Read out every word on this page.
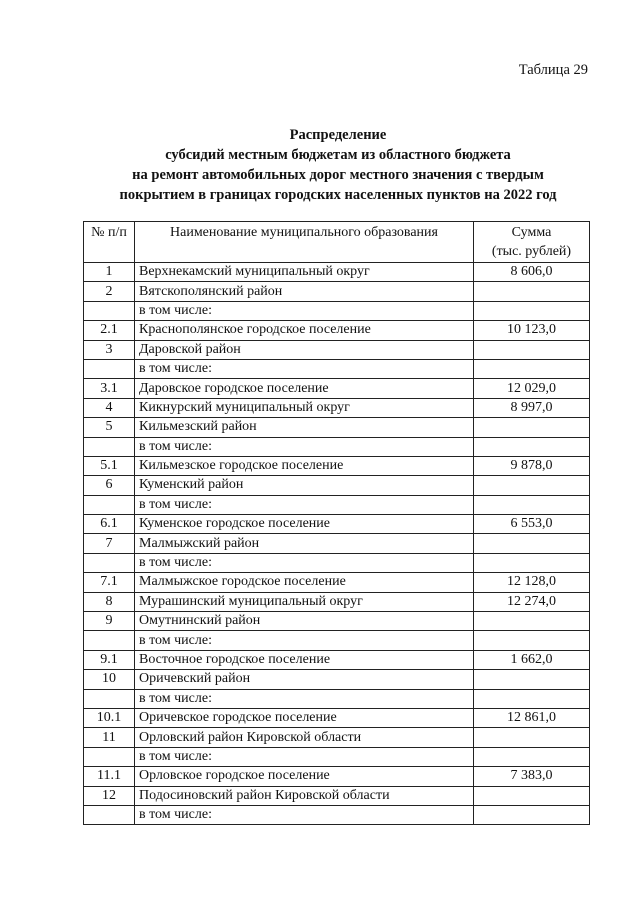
Таблица 29
Распределение
субсидий местным бюджетам из областного бюджета
на ремонт автомобильных дорог местного значения с твердым
покрытием в границах городских населенных пунктов на 2022 год
№ п/п	Наименование муниципального образования	Сумма
(тыс. рублей)

1	Верхнекамский муниципальный округ	8 606,0
2	Вятскополянский район	
	в том числе:	
2.1	Краснополянское городское поселение	10 123,0
3	Даровской район	
	в том числе:	
3.1	Даровское городское поселение	12 029,0
4	Кикнурский муниципальный округ	8 997,0
5	Кильмезский район	
	в том числе:	
5.1	Кильмезское городское поселение	9 878,0
6	Куменский район	
	в том числе:	
6.1	Куменское городское поселение	6 553,0
7	Малмыжский район	
	в том числе:	
7.1	Малмыжское городское поселение	12 128,0
8	Мурашинский муниципальный округ	12 274,0
9	Омутнинский район	
	в том числе:	
9.1	Восточное городское поселение	1 662,0
10	Оричевский район	
	в том числе:	
10.1	Оричевское городское поселение	12 861,0
11	Орловский район Кировской области	
	в том числе:	
11.1	Орловское городское поселение	7 383,0
12	Подосиновский район Кировской области	
	в том числе:	
